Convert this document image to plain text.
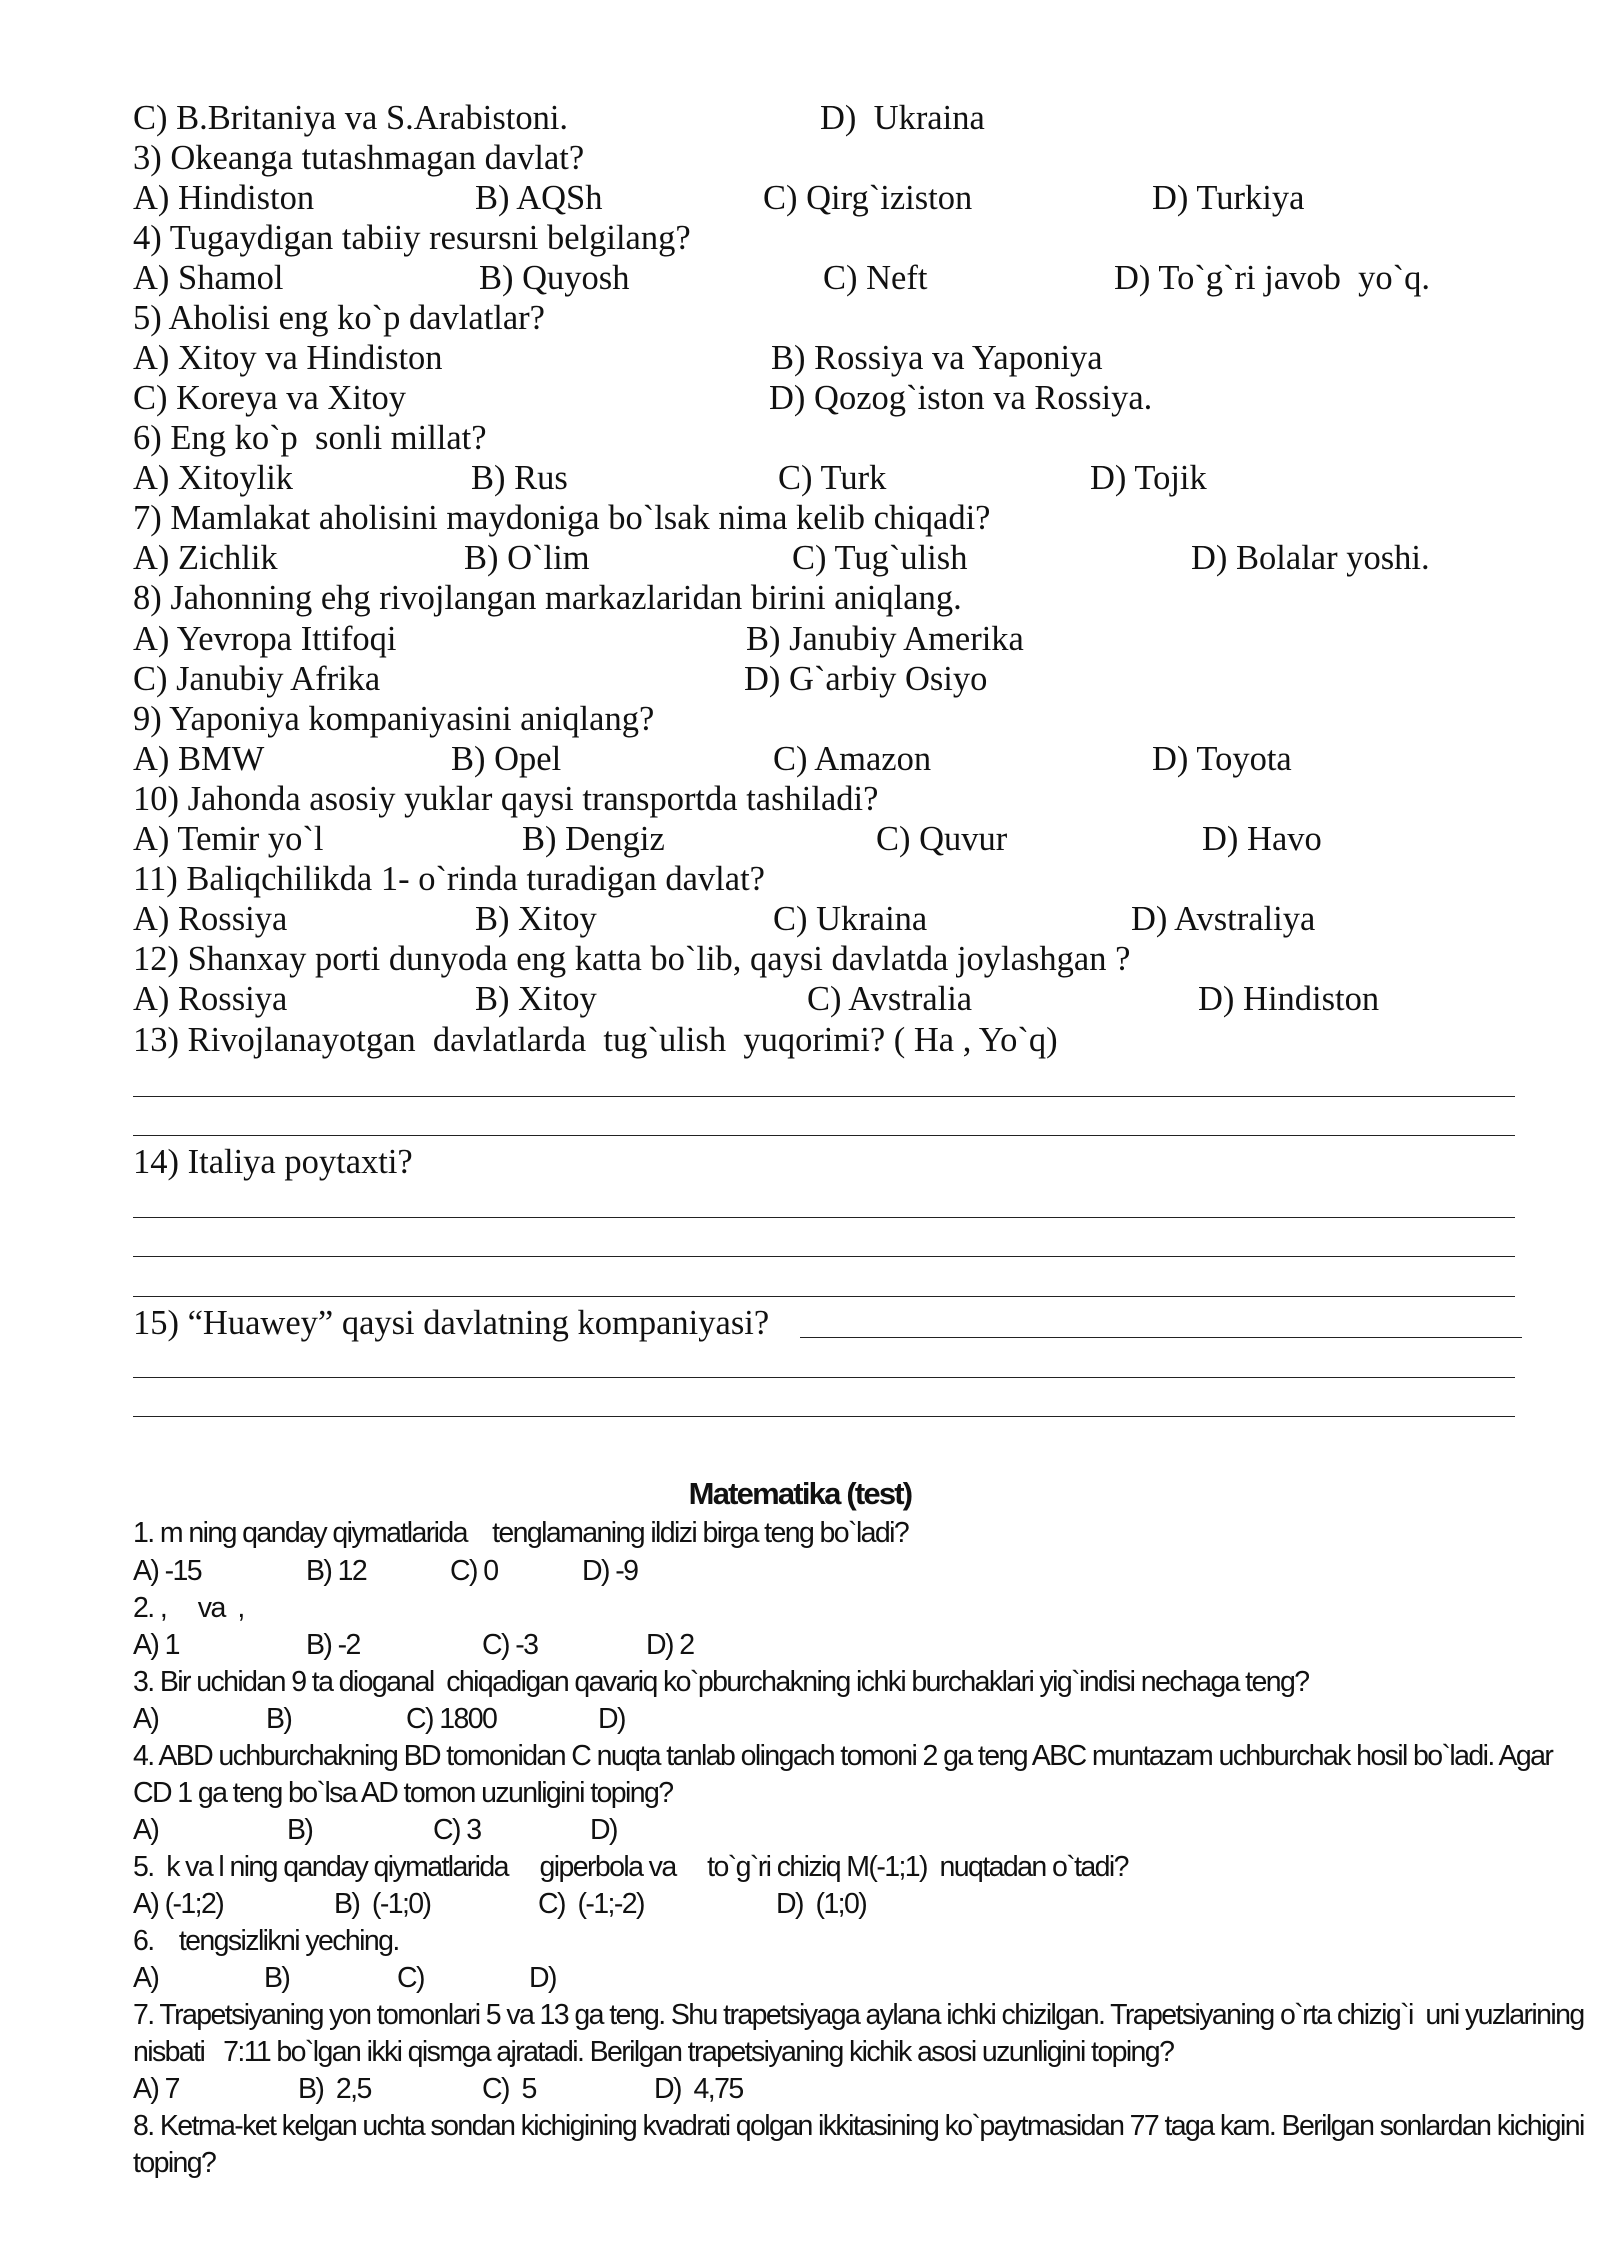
C) B.Britaniya va S.Arabistoni.	D)  Ukraina
3) Okeanga tutashmagan davlat?
A) Hindiston	B) AQSh	C) Qirg`iziston	D) Turkiya
4) Tugaydigan tabiiy resursni belgilang?
A) Shamol	B) Quyosh	C) Neft	D) To`g`ri javob  yo`q.
5) Aholisi eng ko`p davlatlar?
A) Xitoy va Hindiston	B) Rossiya va Yaponiya
C) Koreya va Xitoy	D) Qozog`iston va Rossiya.
6) Eng ko`p  sonli millat?
A) Xitoylik	B) Rus	C) Turk	D) Tojik
7) Mamlakat aholisini maydoniga bo`lsak nima kelib chiqadi?
A) Zichlik	B) O`lim	C) Tug`ulish	D) Bolalar yoshi.
8) Jahonning ehg rivojlangan markazlaridan birini aniqlang.
A) Yevropa Ittifoqi	B) Janubiy Amerika
C) Janubiy Afrika	D) G`arbiy Osiyo
9) Yaponiya kompaniyasini aniqlang?
A) BMW	B) Opel	C) Amazon	D) Toyota
10) Jahonda asosiy yuklar qaysi transportda tashiladi?
A) Temir yo`l	B) Dengiz	C) Quvur	D) Havo
11) Baliqchilikda 1- o`rinda turadigan davlat?
A) Rossiya	B) Xitoy	C) Ukraina	D) Avstraliya
12) Shanxay porti dunyoda eng katta bo`lib, qaysi davlatda joylashgan ?
A) Rossiya	B) Xitoy	C) Avstralia	D) Hindiston
13) Rivojlanayotgan  davlatlarda  tug`ulish  yuqorimi? ( Ha , Yo`q)
14) Italiya poytaxti?
15) “Huawey” qaysi davlatning kompaniyasi?
Matematika (test)
1. m ning qanday qiymatlarida    tenglamaning ildizi birga teng bo`ladi?
A) -15	B) 12	C) 0	D) -9
2. ,     va  ,
A) 1	B) -2	C) -3	D) 2
3. Bir uchidan 9 ta dioganal  chiqadigan qavariq ko`pburchakning ichki burchaklari yig`indisi nechaga teng?
A)	B)	C) 1800	D)
4. ABD uchburchakning BD tomonidan C nuqta tanlab olingach tomoni 2 ga teng ABC muntazam uchburchak hosil bo`ladi. Agar
CD 1 ga teng bo`lsa AD tomon uzunligini toping?
A)	B)	C) 3	D)
5.  k va l ning qanday qiymatlarida     giperbola va     to`g`ri chiziq M(-1;1)  nuqtadan o`tadi?
A) (-1;2)	B)  (-1;0)	C)  (-1;-2)	D)  (1;0)
6.    tengsizlikni yeching.
A)	B)	C)	D)
7. Trapetsiyaning yon tomonlari 5 va 13 ga teng. Shu trapetsiyaga aylana ichki chizilgan. Trapetsiyaning o`rta chizig`i  uni yuzlarining
nisbati   7:11 bo`lgan ikki qismga ajratadi. Berilgan trapetsiyaning kichik asosi uzunligini toping?
A) 7	B)  2,5	C)  5	D)  4,75
8. Ketma-ket kelgan uchta sondan kichigining kvadrati qolgan ikkitasining ko`paytmasidan 77 taga kam. Berilgan sonlardan kichigini
toping?
